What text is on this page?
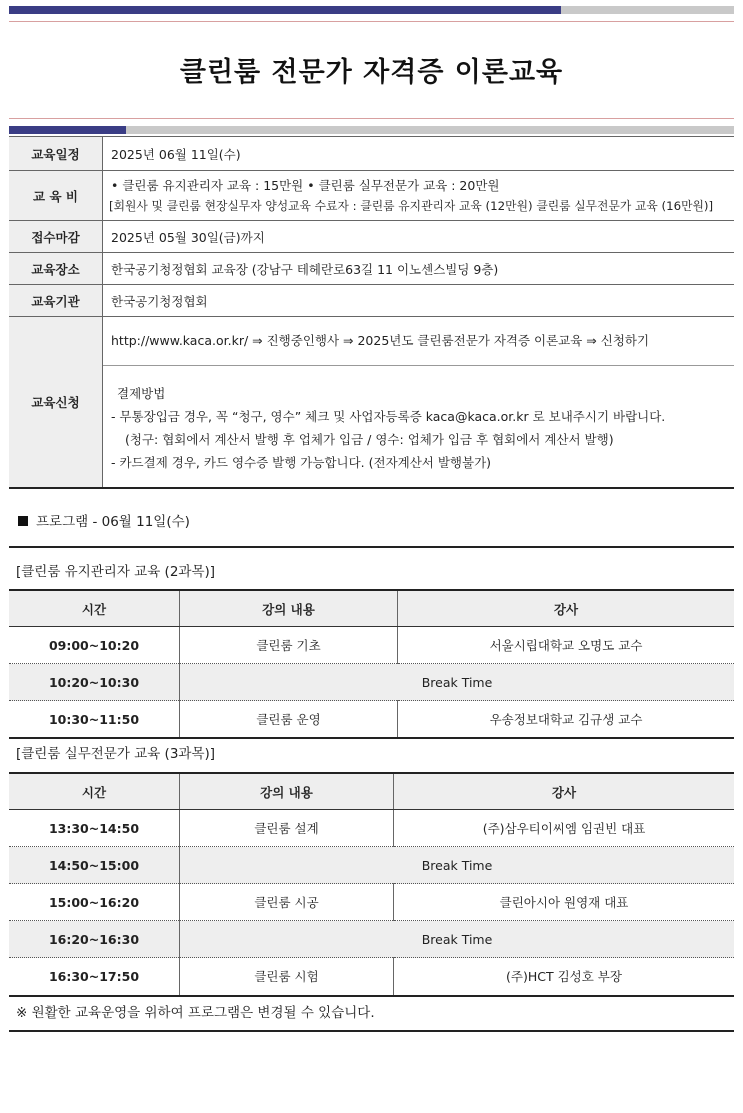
클린룸 전문가 자격증 이론교육
교육일정	2025년 06월 11일(수)
교 육 비	• 클린룸 유지관리자 교육 : 15만원 • 클린룸 실무전문가 교육 : 20만원
[회원사 및 클린룸 현장실무자 양성교육 수료자 : 클린룸 유지관리자 교육 (12만원) 클린룸 실무전문가 교육 (16만원)]

접수마감	2025년 05월 30일(금)까지
교육장소	한국공기청정협회 교육장 (강남구 테헤란로63길 11 이노센스빌딩 9층)
교육기관	한국공기청정협회
교육신청	http://www.kaca.or.kr/ ⇒ 진행중인행사 ⇒ 2025년도 클린룸전문가 자격증 이론교육 ⇒ 신청하기
결제방법
- 무통장입금 경우, 꼭 “청구, 영수” 체크 및 사업자등록증 kaca@kaca.or.kr 로 보내주시기 바랍니다.
(청구: 협회에서 계산서 발행 후 업체가 입금 / 영수: 업체가 입금 후 협회에서 계산서 발행)
- 카드결제 경우, 카드 영수증 발행 가능합니다. (전자계산서 발행불가)
프로그램 - 06월 11일(수)
[클린룸 유지관리자 교육 (2과목)]
시간	강의 내용	강사
09:00~10:20	클린룸 기초	서울시립대학교 오명도 교수
10:20~10:30	Break Time	
10:30~11:50	클린룸 운영	우송정보대학교 김규생 교수
[클린룸 실무전문가 교육 (3과목)]
시간	강의 내용	강사
13:30~14:50	클린룸 설계	(주)삼우티이씨엠 임권빈 대표
14:50~15:00	Break Time	
15:00~16:20	클린룸 시공	클린아시아 원영재 대표
16:20~16:30	Break Time	
16:30~17:50	클린룸 시험	(주)HCT 김성호 부장
※ 원활한 교육운영을 위하여 프로그램은 변경될 수 있습니다.
